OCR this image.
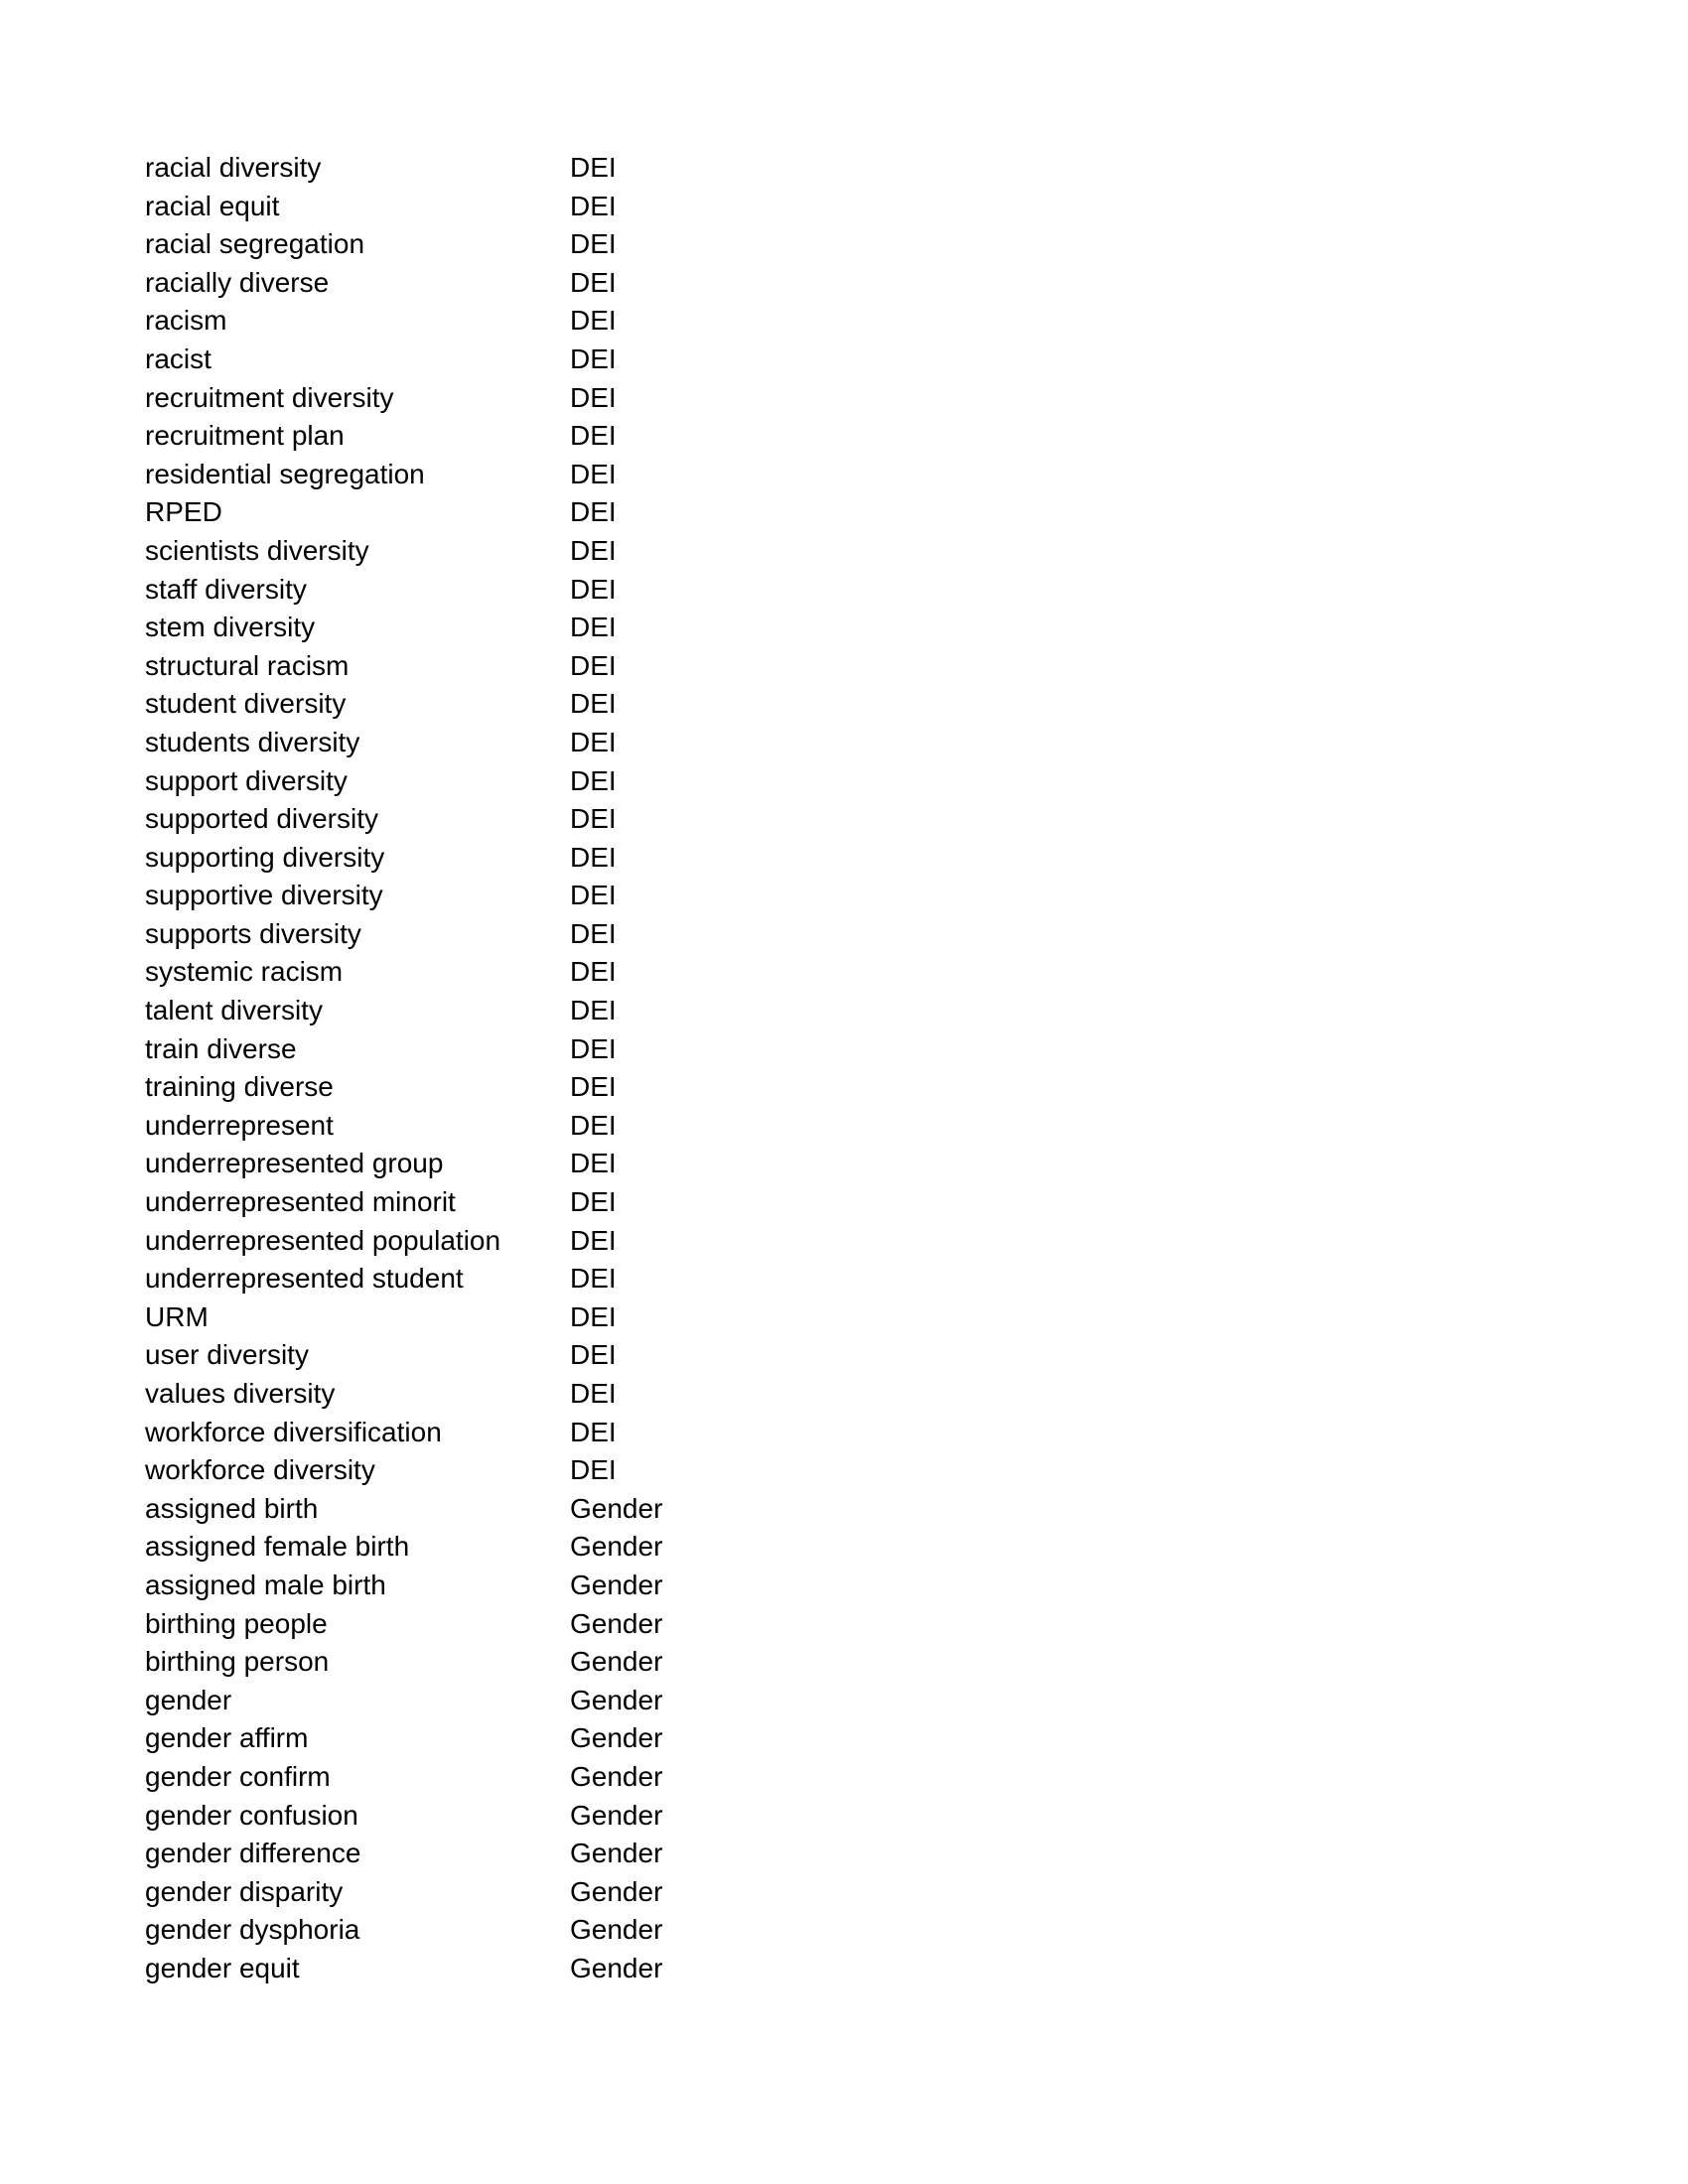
racial diversity	DEI
racial equit	DEI
racial segregation	DEI
racially diverse	DEI
racism	DEI
racist	DEI
recruitment diversity	DEI
recruitment plan	DEI
residential segregation	DEI
RPED	DEI
scientists diversity	DEI
staff diversity	DEI
stem diversity	DEI
structural racism	DEI
student diversity	DEI
students diversity	DEI
support diversity	DEI
supported diversity	DEI
supporting diversity	DEI
supportive diversity	DEI
supports diversity	DEI
systemic racism	DEI
talent diversity	DEI
train diverse	DEI
training diverse	DEI
underrepresent	DEI
underrepresented group	DEI
underrepresented minorit	DEI
underrepresented population	DEI
underrepresented student	DEI
URM	DEI
user diversity	DEI
values diversity	DEI
workforce diversification	DEI
workforce diversity	DEI
assigned birth	Gender
assigned female birth	Gender
assigned male birth	Gender
birthing people	Gender
birthing person	Gender
gender	Gender
gender affirm	Gender
gender confirm	Gender
gender confusion	Gender
gender difference	Gender
gender disparity	Gender
gender dysphoria	Gender
gender equit	Gender
